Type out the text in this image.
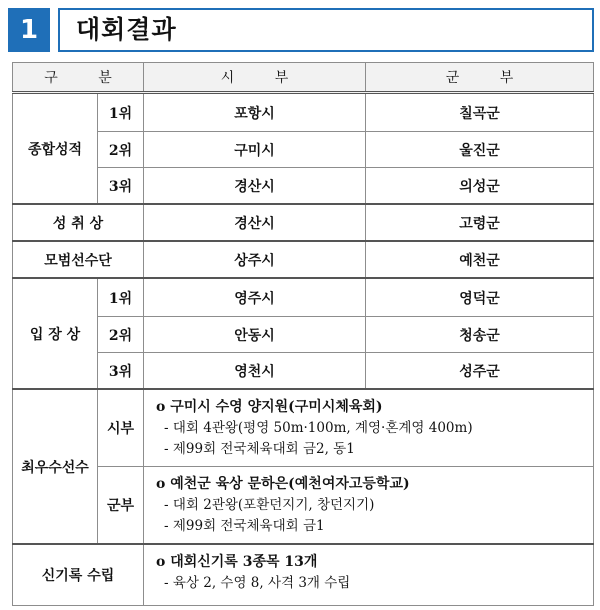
1	대회결과
구 분		시 부	군 부
종합성적	1위	포항시	칠곡군
	2위	구미시	울진군
	3위	경산시	의성군
성 취 상		경산시	고령군
모범선수단		상주시	예천군
입 장 상	1위	영주시	영덕군
	2위	안동시	청송군
	3위	영천시	성주군
최우수선수	시부	o 구미시 수영 양지원(구미시체육회)
- 대회 4관왕(평영 50m·100m, 계영·혼계영 400m)
- 제99회 전국체육대회 금2, 동1	

	군부	o 예천군 육상 문하은(예천여자고등학교)
- 대회 2관왕(포환던지기, 창던지기)
- 제99회 전국체육대회 금1	

신기록 수립		o 대회신기록 3종목 13개
- 육상 2, 수영 8, 사격 3개 수립	
